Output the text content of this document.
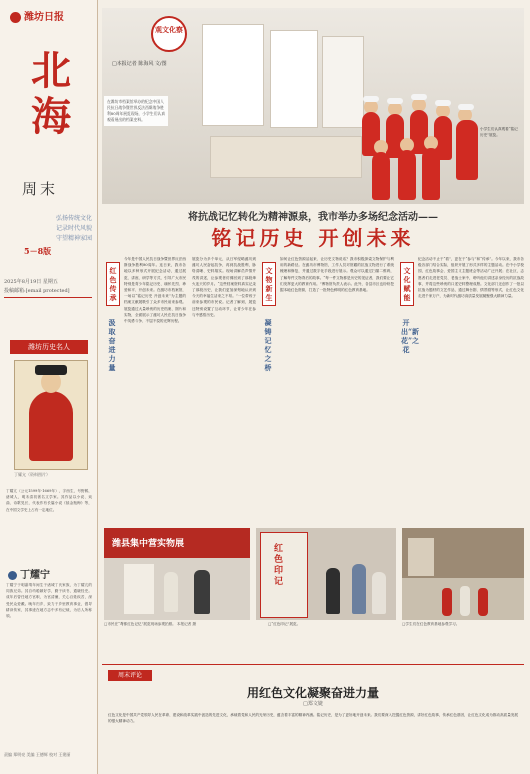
潍坊日报
北海
周末
弘扬传统文化
记录时代风貌
守望精神家园
5－8版
2025年8月19日 星期五
投稿邮箱:[email protected]
潍坊历史名人
丁耀亢（资料图片）
丁耀亢（公元1599年-1669年），字西生，号野鹤，诸城人，明末清初著名文学家。其作品以小说、戏曲、诗歌见长，代表作有长篇小说《续金瓶梅》等，在中国文学史上占有一定地位。
丁耀宁
丁耀宁于明嘉靖年间生于诸城丁氏家族，为丁耀亢的同族兄弟。其自幼聪颖好学，勤于读书，通晓经史。成年后曾任地方官职，为官清廉，关心百姓疾苦，深受民众爱戴。晚年归乡，致力于乡里教育事业，倡导耕读传家，其事迹在地方志中多有记载，为后人所称颂。
责编 郑明亮 美编 王德辉 校对 王建丽
在潍坊市档案馆举办的纪念中国人民抗日战争暨世界反法西斯战争胜利80周年展览现场，小学生们认真观看展出的档案史料。
小学生们认真观看“铭记历史”展览。
观文化察
□本报记者 陈海风 文/图
将抗战记忆转化为精神源泉，我市举办多场纪念活动——
铭记历史 开创未来
红色传承
汲取奋进力量
文物新生
凝铸记忆之桥
文化赋能
开出“新花”之花
今年是中国人民抗日战争暨世界反法西斯战争胜利80周年。连日来，我市各地以多种形式开展纪念活动，通过展览、讲座、研学等方式，引导广大市民特别是青少年铭记历史、缅怀先烈、珍爱和平、开创未来。在潍坊市档案馆，一场以“铭记历史 开创未来”为主题的档案文献展吸引了众多市民前来参观。展览通过大量珍贵的历史档案、图片和实物，全面展示了潍坊人民在抗日战争中英勇斗争、不屈不挠的光辉历程。
展览分为多个单元，从日军侵略潍坊到潍坊人民奋起抗争，再到抗战胜利，脉络清晰、史料翔实。现场讲解员声情并茂的讲述，让参观者仿佛回到了那段烽火连天的岁月。“这些档案资料真实记录了那段历史，让我们更加深刻地认识到今天的幸福生活来之不易。”一位带孩子前来参观的市民说。记者了解到，展览还特别设置了互动环节，让青少年在参与中感悟历史。
如何让红色资源活起来、让历史文物说话？我市积极探索文物保护与利用的新路径。在潍坊市博物馆，工作人员对馆藏的抗战文物进行了系统梳理和修复，并通过数字化手段进行展示。观众可以通过扫描二维码，了解每件文物背后的故事。“每一件文物都是历史的见证者，我们要让它们发挥更大的教育作用。”博物馆负责人表示。此外，各县市区也纷纷挖掘本地红色资源，打造了一批特色鲜明的红色教育基地。
纪念活动不止于“看”，更在于“参与”和“传承”。今年以来，我市各级各部门结合实际，组织开展了形式多样的主题活动。在中小学校园，红色故事会、爱国主义主题班会等活动广泛开展；在社区，志愿者们走进老党员、老战士家中，聆听他们讲述亲身经历的抗战故事，并将这些珍贵的口述史料整理成册。文化部门还创作了一批以抗战为题材的文艺作品，通过舞台剧、情景剧等形式，让红色文化走进千家万户，为新时代潍坊高质量发展凝聚强大精神力量。
潍县集中营实物展
□市民在“鸢都红色记忆”展览现场参观拍照。 本报记者 摄
红
色
印
记
□“红色印记”展览。	□学生们在红色教育基地参观学习。
周末评论
用红色文化凝聚奋进力量
□郑文婕
红色文化是中国共产党领导人民在革命、建设和改革实践中创造的先进文化，承载着党和人民的光荣历史，蕴含着丰富的精神内涵。铭记历史，是为了更好地开创未来。我们要深入挖掘红色资源，讲好红色故事，传承红色基因，让红色文化成为推动高质量发展的强大精神动力。
